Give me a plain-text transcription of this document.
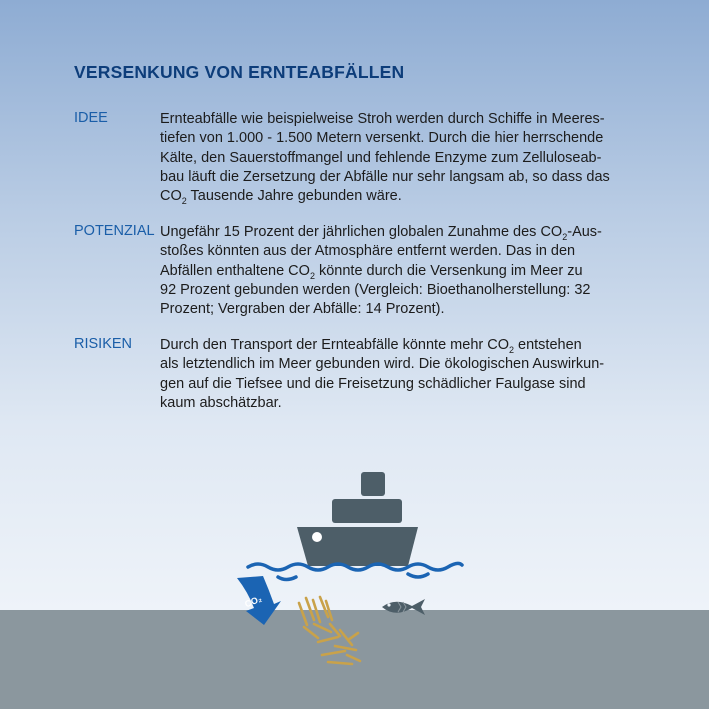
VERSENKUNG VON ERNTEABFÄLLEN
IDEE	Ernteabfälle wie beispielweise Stroh werden durch Schiffe in Meeres-
tiefen von 1.000 - 1.500 Metern versenkt. Durch die hier herrschende
Kälte, den Sauerstoffmangel und fehlende Enzyme zum Zelluloseab-
bau läuft die Zersetzung der Abfälle nur sehr langsam ab, so dass das
$CO_2$ Tausende Jahre gebunden wäre.
POTENZIAL Ungefähr 15 Prozent der jährlichen globalen Zunahme des $CO_2-Aus-$
stoßes könnten aus der Atmosphäre entfernt werden. Das in den
Abfällen enthaltene $CO_2$ könnte durch die Versenkung im Meer zu
92 Prozent gebunden werden (Vergleich: Bioethanolherstellung: 32
Prozent; Vergraben der Abfälle: 14 Prozent).
RISIKEN Durch den Transport der Ernteabfälle könnte mehr $CO_2$ entstehen
als letztendlich im Meer gebunden wird. Die ökologischen Auswirkun-
gen auf die Tiefsee und die Freisetzung schädlicher Faulgase sind
kaum abschätzbar.
CO₂
